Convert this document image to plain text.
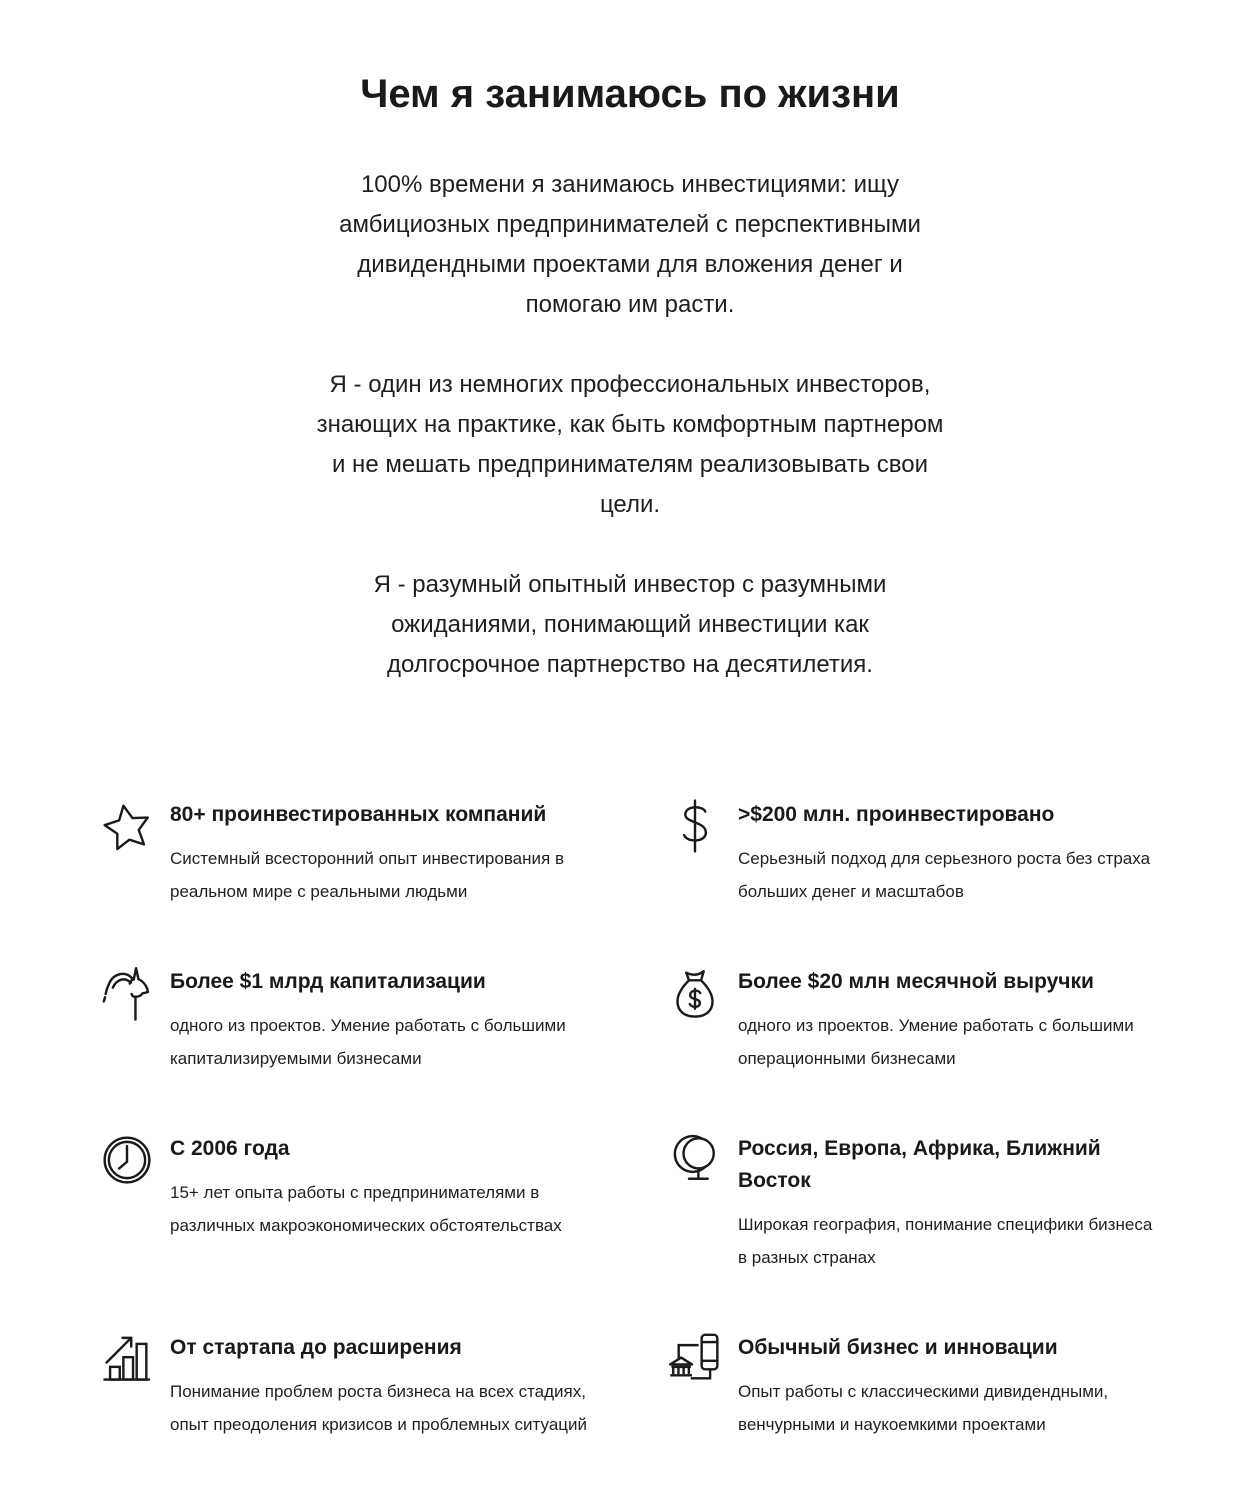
Чем я занимаюсь по жизни

100% времени я занимаюсь инвестициями: ищу амбициозных предпринимателей с перспективными дивидендными проектами для вложения денег и помогаю им расти.

Я - один из немногих профессиональных инвесторов, знающих на практике, как быть комфортным партнером и не мешать предпринимателям реализовывать свои цели.

Я - разумный опытный инвестор с разумными ожиданиями, понимающий инвестиции как долгосрочное партнерство на десятилетия.

80+ проинвестированных компаний

Системный всесторонний опыт инвестирования в реальном мире с реальными людьми

>$200 млн. проинвестировано

Серьезный подход для серьезного роста без страха больших денег и масштабов

Более $1 млрд капитализации

одного из проектов. Умение работать с большими капитализируемыми бизнесами

Более $20 млн месячной выручки

одного из проектов. Умение работать с большими операционными бизнесами

С 2006 года

15+ лет опыта работы с предпринимателями в различных макроэкономических обстоятельствах

Россия, Европа, Африка, Ближний Восток

Широкая география, понимание специфики бизнеса в разных странах

От стартапа до расширения

Понимание проблем роста бизнеса на всех стадиях, опыт преодоления кризисов и проблемных ситуаций

Обычный бизнес и инновации

Опыт работы с классическими дивидендными, венчурными и наукоемкими проектами
